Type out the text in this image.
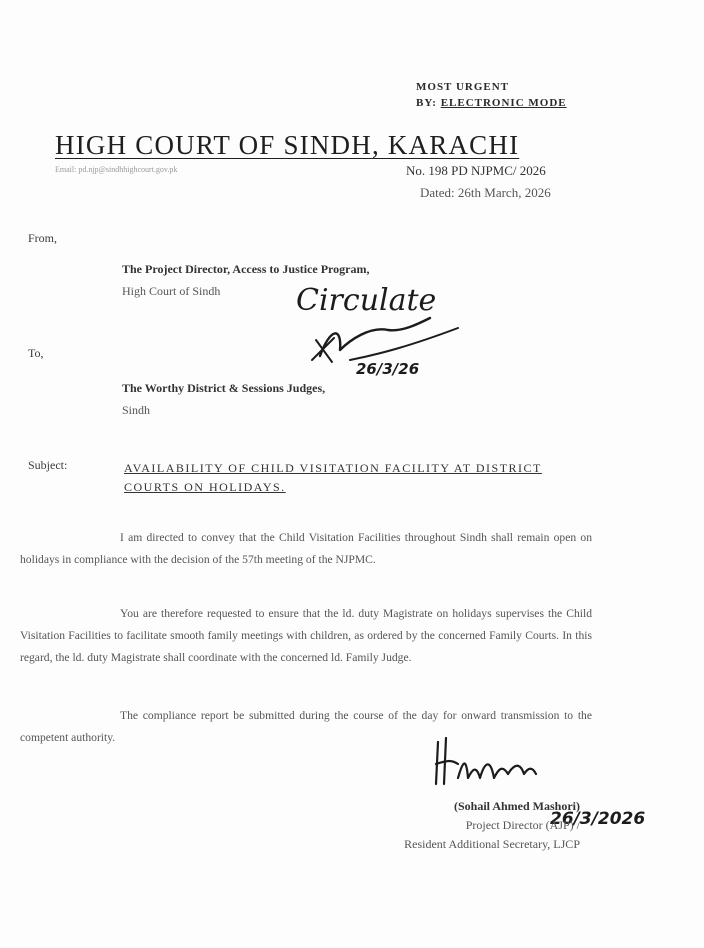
MOST URGENT
BY: ELECTRONIC MODE
HIGH COURT OF SINDH, KARACHI
Email: pd.njp@sindhhighcourt.gov.pk	No. 198 PD NJPMC/ 2026
Dated: 26th March, 2026
From,
The Project Director, Access to Justice Program,
High Court of Sindh
To,
The Worthy District & Sessions Judges,
Sindh
Subject:	AVAILABILITY OF CHILD VISITATION FACILITY AT DISTRICT COURTS ON HOLIDAYS.
I am directed to convey that the Child Visitation Facilities throughout Sindh shall remain open on holidays in compliance with the decision of the 57th meeting of the NJPMC.
You are therefore requested to ensure that the ld. duty Magistrate on holidays supervises the Child Visitation Facilities to facilitate smooth family meetings with children, as ordered by the concerned Family Courts. In this regard, the ld. duty Magistrate shall coordinate with the concerned ld. Family Judge.
The compliance report be submitted during the course of the day for onward transmission to the competent authority.
Circulate
26/3/26
26/3/2026
(Sohail Ahmed Mashori)
Project Director (AJP) /
Resident Additional Secretary, LJCP
